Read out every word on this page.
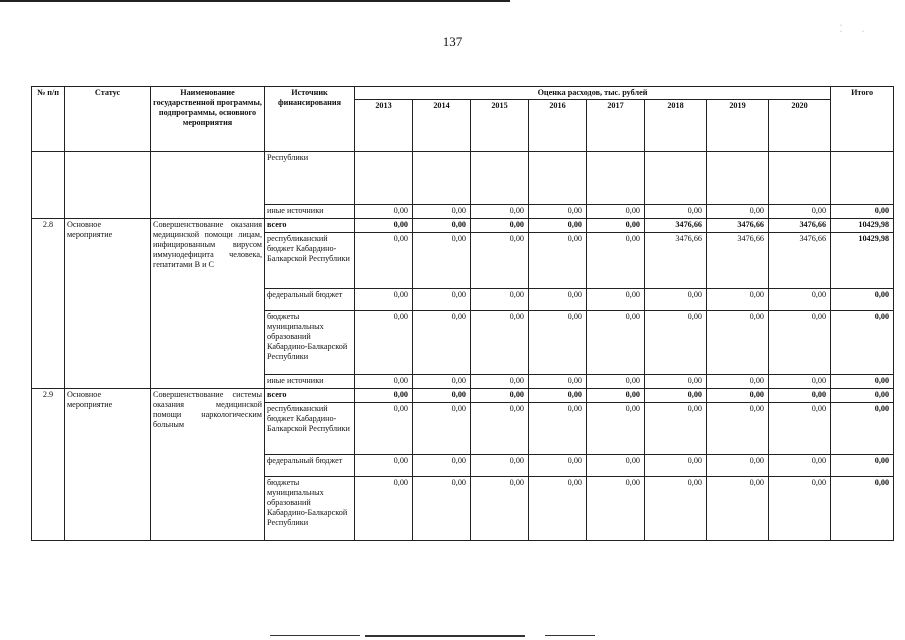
137
· ··
№ п/п	Статус	Наименование государственной программы, подпрограммы, основного мероприятия	Источник финансирования	Оценка расходов, тыс. рублей								Итого
				2013	2014	2015	2016	2017	2018	2019	2020	
			Республики									
			иные источники	0,00	0,00	0,00	0,00	0,00	0,00	0,00	0,00	0,00
2.8	Основное мероприятие	Совершенствование оказания медицинской помощи лицам, инфицированным вирусом иммунодефицита человека, гепатитами В и С	всего	0,00	0,00	0,00	0,00	0,00	3476,66	3476,66	3476,66	10429,98
			республиканский бюджет Кабардино-Балкарской Республики	0,00	0,00	0,00	0,00	0,00	3476,66	3476,66	3476,66	10429,98
			федеральный бюджет	0,00	0,00	0,00	0,00	0,00	0,00	0,00	0,00	0,00
			бюджеты муниципальных образований Кабардино-Балкарской Республики	0,00	0,00	0,00	0,00	0,00	0,00	0,00	0,00	0,00
			иные источники	0,00	0,00	0,00	0,00	0,00	0,00	0,00	0,00	0,00
2.9	Основное мероприятие	Совершенствование системы оказания медицинской помощи наркологическим больным	всего	0,00	0,00	0,00	0,00	0,00	0,00	0,00	0,00	0,00
			республиканский бюджет Кабардино-Балкарской Республики	0,00	0,00	0,00	0,00	0,00	0,00	0,00	0,00	0,00
			федеральный бюджет	0,00	0,00	0,00	0,00	0,00	0,00	0,00	0,00	0,00
			бюджеты муниципальных образований Кабардино-Балкарской Республики	0,00	0,00	0,00	0,00	0,00	0,00	0,00	0,00	0,00
